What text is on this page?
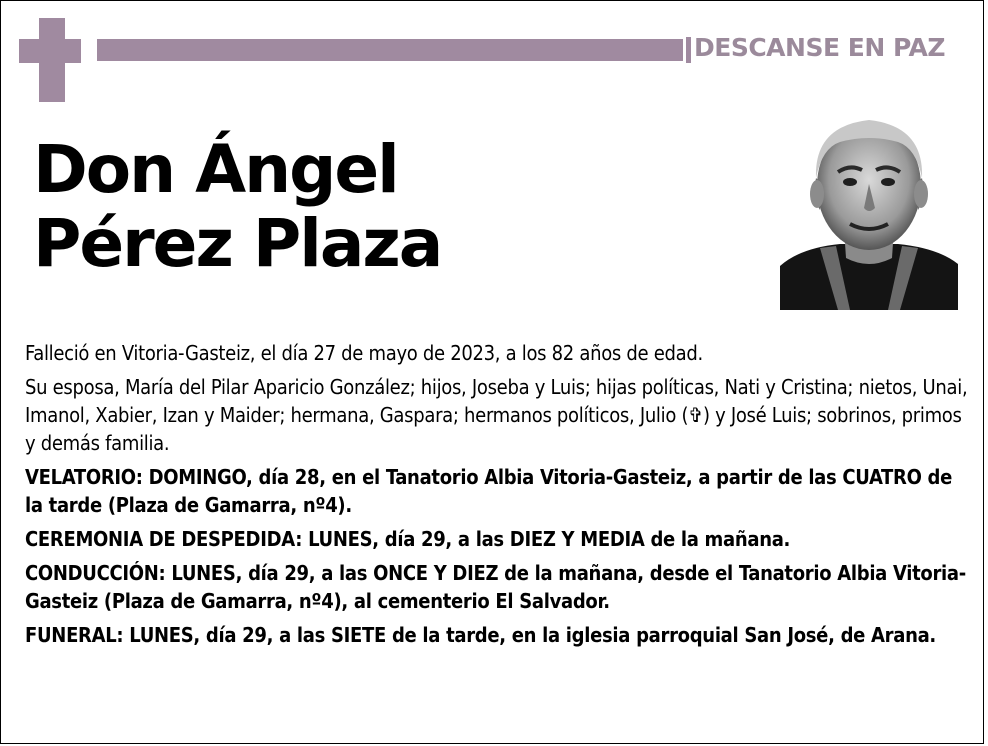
DESCANSE EN PAZ
Don Ángel
Pérez Plaza

Falleció en Vitoria-Gasteiz, el día 27 de mayo de 2023, a los 82 años de edad.

Su esposa, María del Pilar Aparicio González; hijos, Joseba y Luis; hijas políticas, Nati y Cristina; nietos, Unai, Imanol, Xabier, Izan y Maider; hermana, Gaspara; hermanos políticos, Julio (✞) y José Luis; sobrinos, primos y demás familia.

VELATORIO: DOMINGO, día 28, en el Tanatorio Albia Vitoria-Gasteiz, a partir de las CUATRO de la tarde (Plaza de Gamarra, nº4).

CEREMONIA DE DESPEDIDA: LUNES, día 29, a las DIEZ Y MEDIA de la mañana.

CONDUCCIÓN: LUNES, día 29, a las ONCE Y DIEZ de la mañana, desde el Tanatorio Albia Vitoria-Gasteiz (Plaza de Gamarra, nº4), al cementerio El Salvador.

FUNERAL: LUNES, día 29, a las SIETE de la tarde, en la iglesia parroquial San José, de Arana.
